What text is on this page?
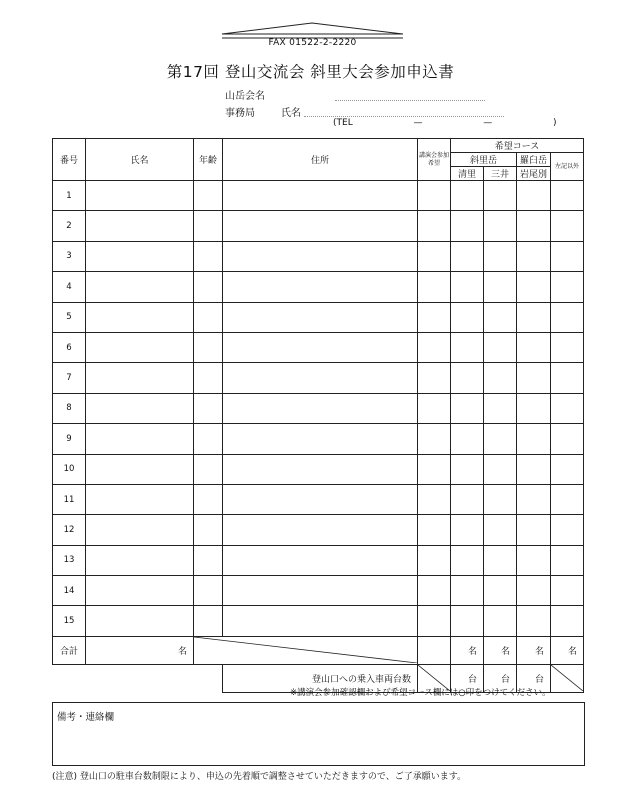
FAX 01522-2-2220
第17回 登山交流会 斜里大会参加申込書
山岳会名
事務局	氏名
(TEL	—	—	)
番号	氏名	年齢	住所	講演会参加希望	希望コース			
					斜里岳		羅臼岳	左記以外
					清里	三井	岩尾別	
1								
2								
3								
4								
5								
6								
7								
8								
9								
10								
11								
12								
13								
14								
15								
合計	名				名	名	名	名
			登山口への乗入車両台数		台	台	台	
※講演会参加確認欄および希望コース欄には○印をつけてください。
備考・連絡欄
(注意) 登山口の駐車台数制限により、申込の先着順で調整させていただきますので、ご了承願います。
